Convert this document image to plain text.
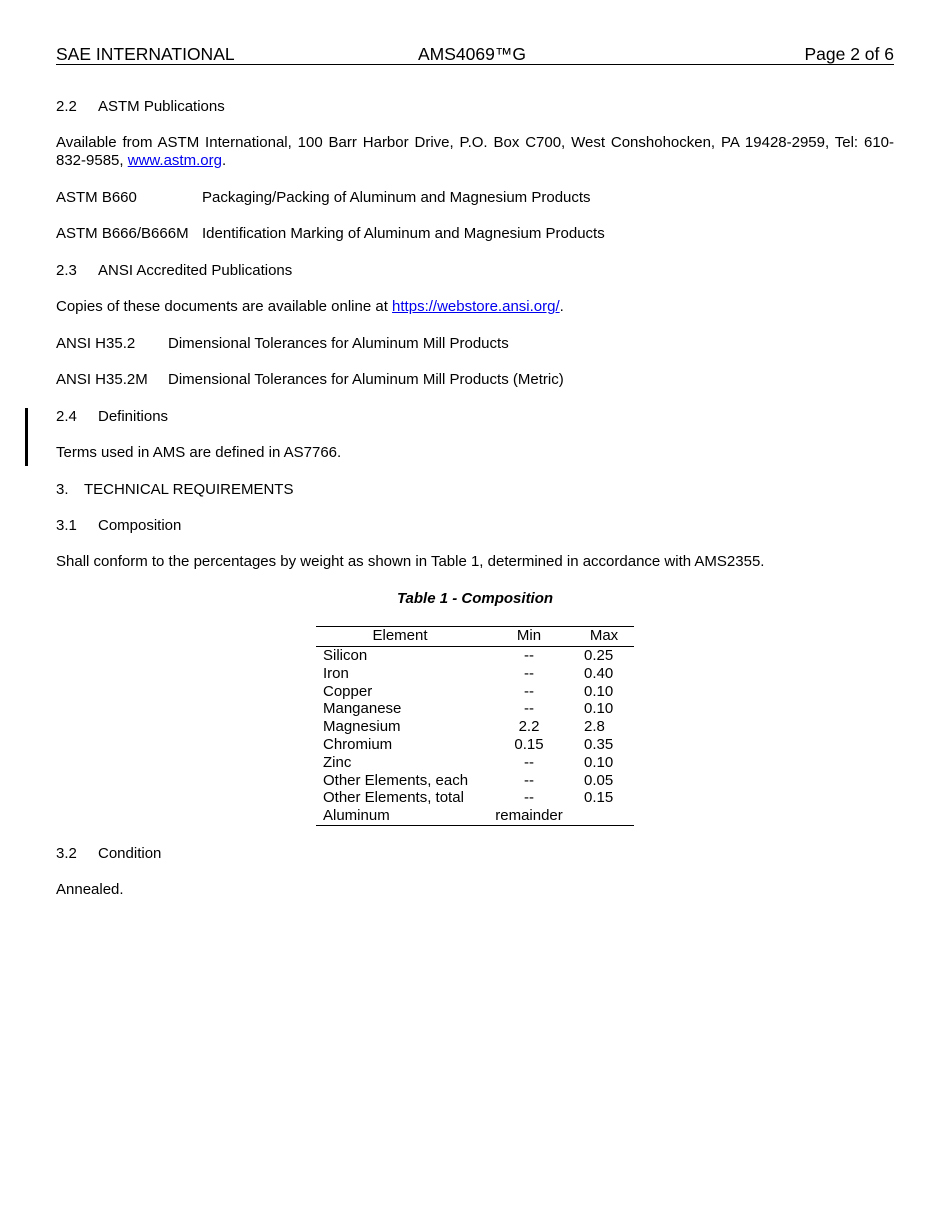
SAE INTERNATIONAL	AMS4069™G	Page 2 of 6
2.2 ASTM Publications
Available from ASTM International, 100 Barr Harbor Drive, P.O. Box C700, West Conshohocken, PA 19428-2959, Tel: 610-832-9585, www.astm.org.
ASTM B660	Packaging/Packing of Aluminum and Magnesium Products
ASTM B666/B666M Identification Marking of Aluminum and Magnesium Products
2.3 ANSI Accredited Publications
Copies of these documents are available online at https://webstore.ansi.org/.
ANSI H35.2 Dimensional Tolerances for Aluminum Mill Products
ANSI H35.2M Dimensional Tolerances for Aluminum Mill Products (Metric)
2.4 Definitions
Terms used in AMS are defined in AS7766.
3. TECHNICAL REQUIREMENTS
3.1 Composition
Shall conform to the percentages by weight as shown in Table 1, determined in accordance with AMS2355.
Table 1 - Composition
Element	Min	Max
Silicon	--	0.25
Iron	--	0.40
Copper	--	0.10
Manganese	--	0.10
Magnesium	2.2	2.8
Chromium	0.15	0.35
Zinc	--	0.10
Other Elements, each	--	0.05
Other Elements, total	--	0.15
Aluminum	remainder
3.2 Condition
Annealed.
